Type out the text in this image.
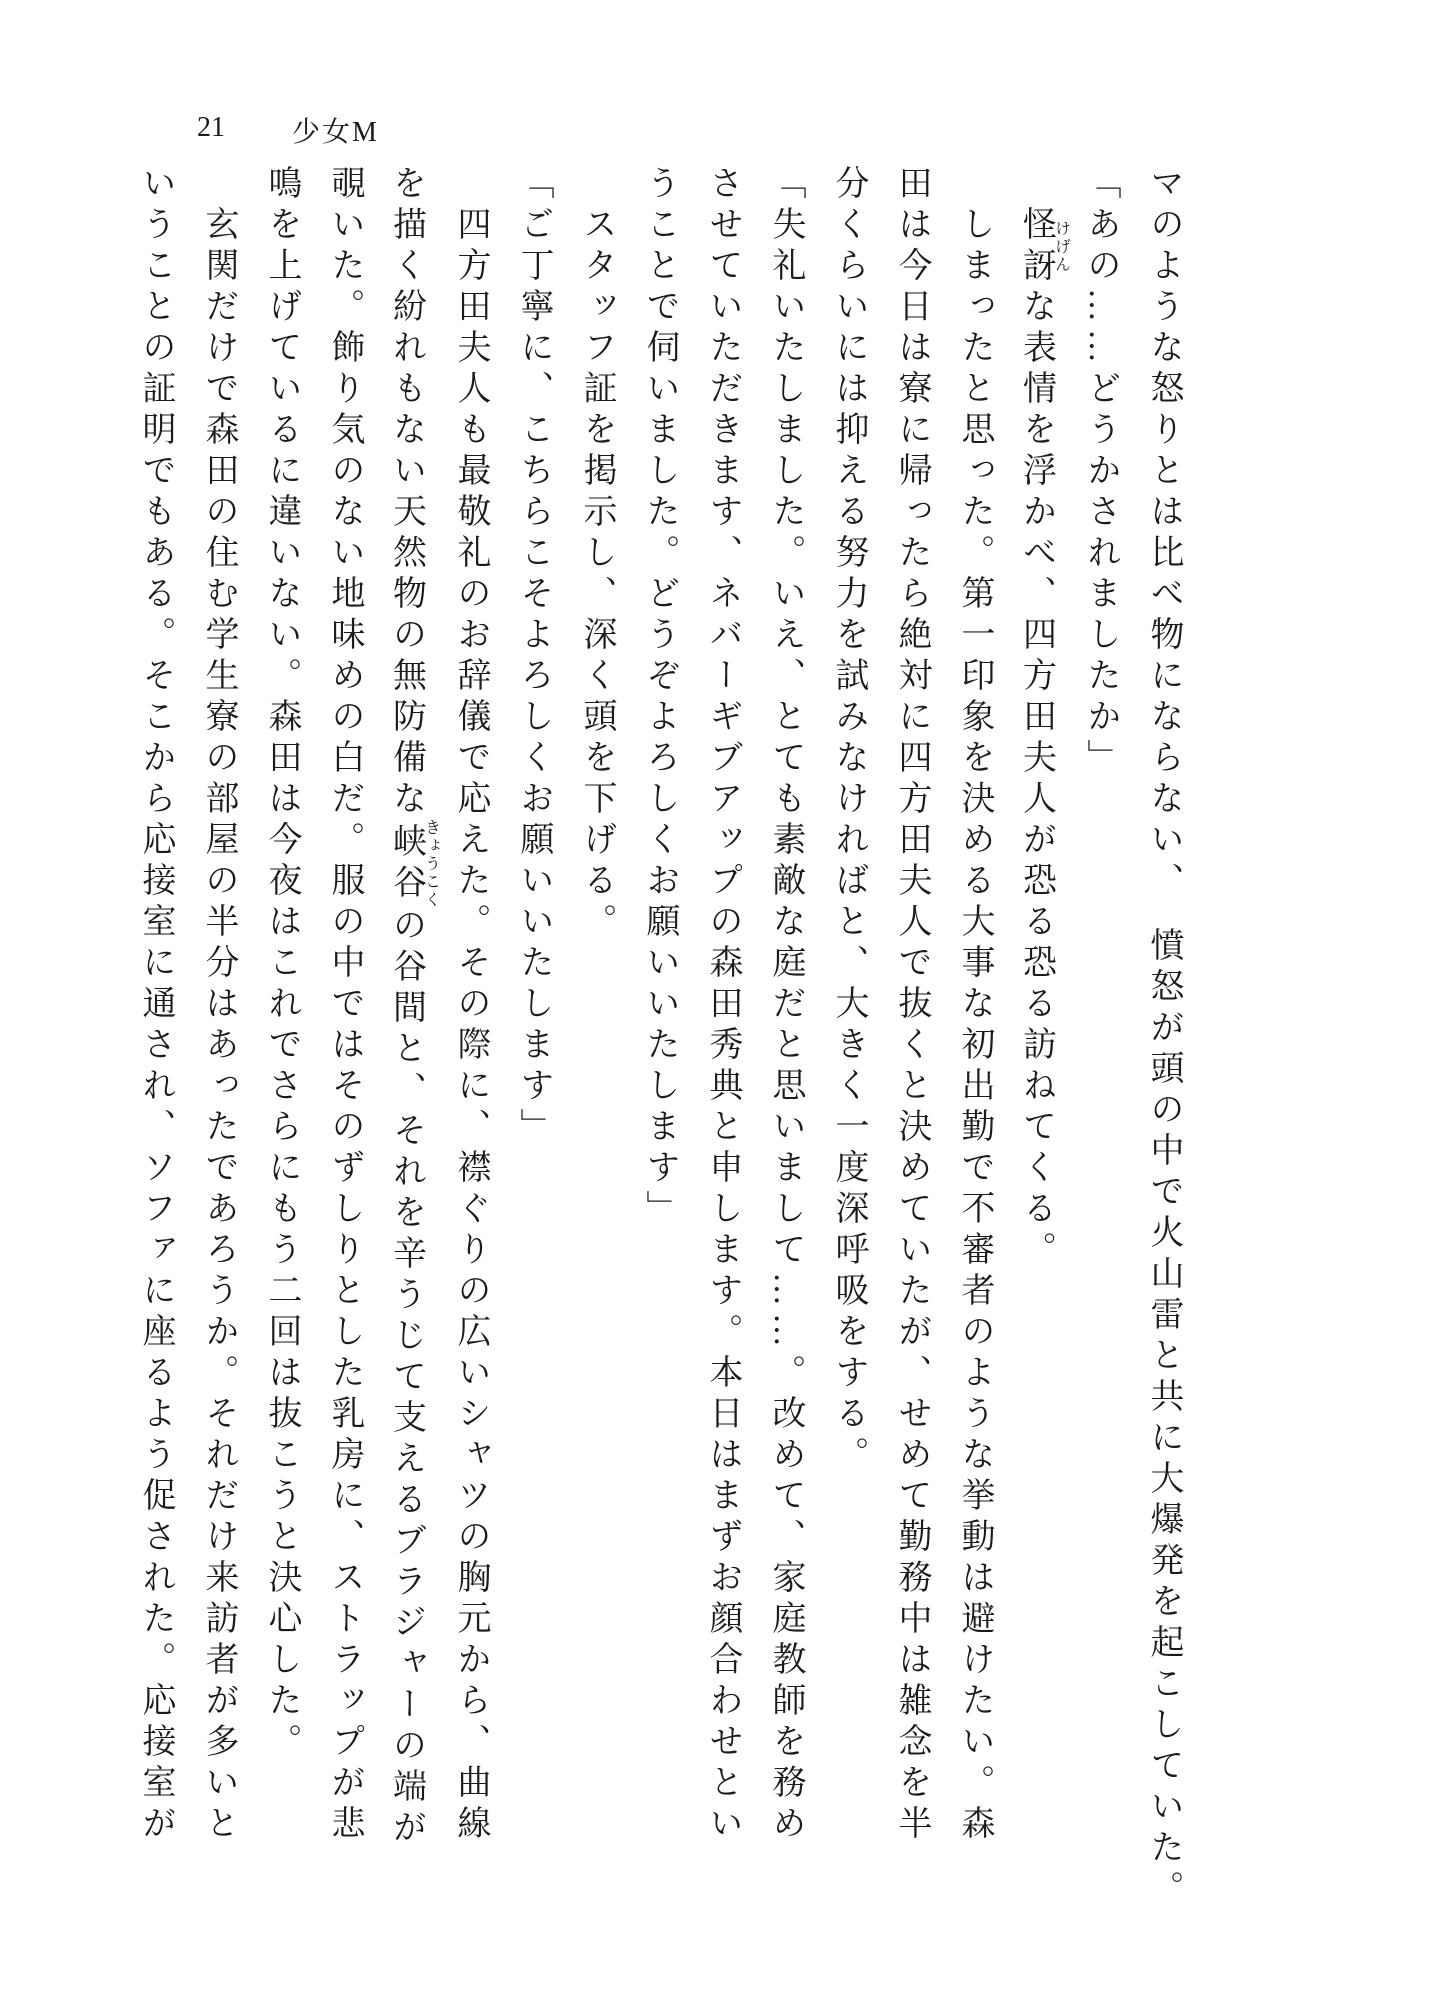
21 少女М
マのような怒りとは比べ物にならない、　憤怒が頭の中で火山雷と共に大爆発を起こしていた。
「あの……どうかされましたか」
怪訝けげんな表情を浮かべ、四方田夫人が恐る恐る訪ねてくる。
しまったと思った。第一印象を決める大事な初出勤で不審者のような挙動は避けたい。森
田は今日は寮に帰ったら絶対に四方田夫人で抜くと決めていたが、せめて勤務中は雑念を半
分くらいには抑える努力を試みなければと、大きく一度深呼吸をする。
「失礼いたしました。いえ、とても素敵な庭だと思いまして……。改めて、家庭教師を務め
させていただきます、ネバーギブアップの森田秀典と申します。本日はまずお顔合わせとい
うことで伺いました。どうぞよろしくお願いいたします」
スタッフ証を掲示し、深く頭を下げる。
「ご丁寧に、こちらこそよろしくお願いいたします」
四方田夫人も最敬礼のお辞儀で応えた。その際に、襟ぐりの広いシャツの胸元から、曲線
を描く紛れもない天然物の無防備な峡谷きょうこくの谷間と、それを辛うじて支えるブラジャーの端が
覗いた。飾り気のない地味めの白だ。服の中ではそのずしりとした乳房に、ストラップが悲
鳴を上げているに違いない。森田は今夜はこれでさらにもう二回は抜こうと決心した。
玄関だけで森田の住む学生寮の部屋の半分はあったであろうか。それだけ来訪者が多いと
いうことの証明でもある。そこから応接室に通され、ソファに座るよう促された。応接室が
